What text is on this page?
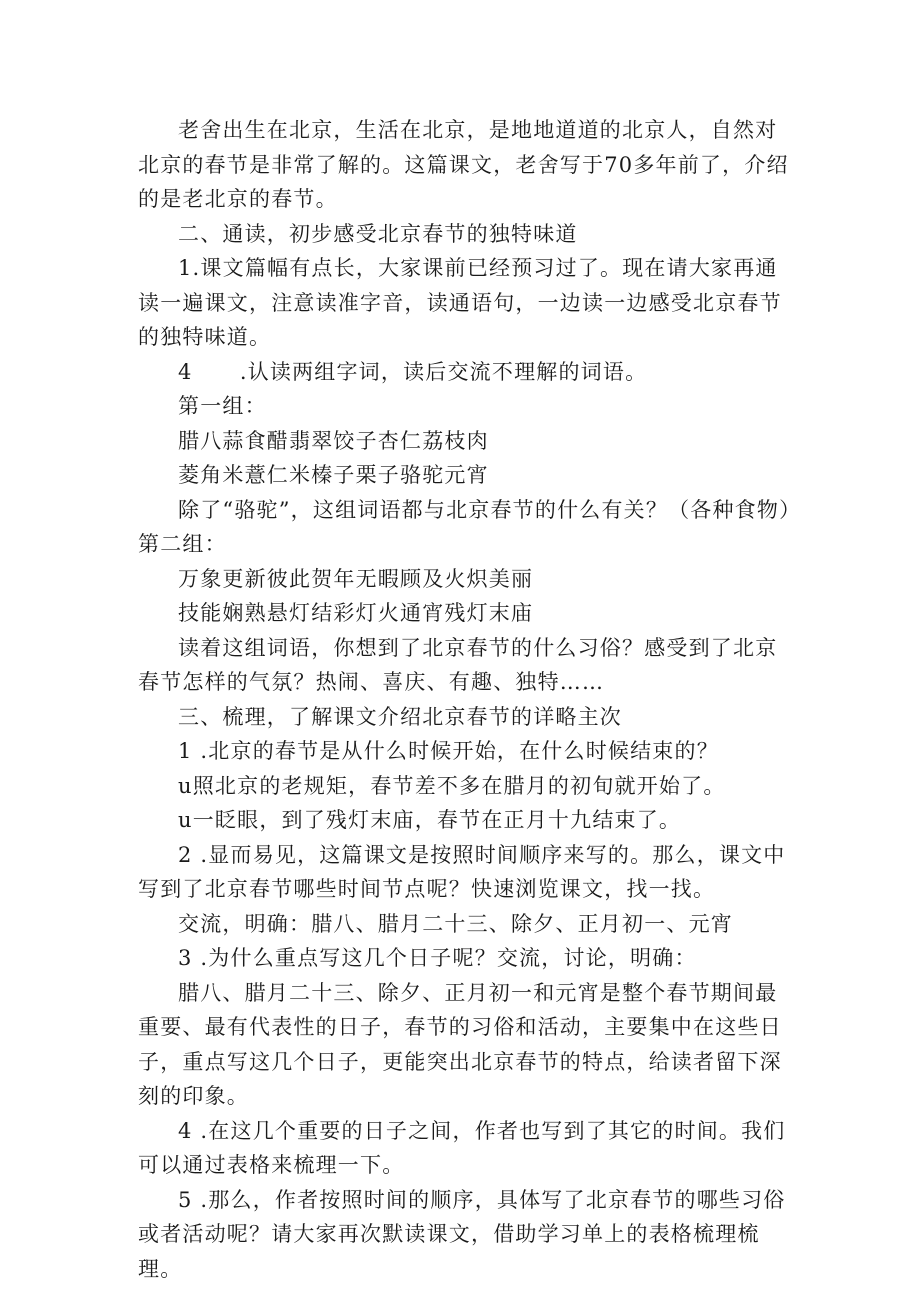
老舍出生在北京，生活在北京，是地地道道的北京人，自然对北京的春节是非常了解的。这篇课文，老舍写于70多年前了，介绍的是老北京的春节。

二、通读，初步感受北京春节的独特味道

1.课文篇幅有点长，大家课前已经预习过了。现在请大家再通读一遍课文，注意读准字音，读通语句，一边读一边感受北京春节的独特味道。

4      .认读两组字词，读后交流不理解的词语。

第一组：

腊八蒜食醋翡翠饺子杏仁荔枝肉

菱角米薏仁米榛子栗子骆驼元宵

除了“骆驼”，这组词语都与北京春节的什么有关？（各种食物）第二组：

万象更新彼此贺年无暇顾及火炽美丽

技能娴熟悬灯结彩灯火通宵残灯末庙

读着这组词语，你想到了北京春节的什么习俗？感受到了北京春节怎样的气氛？热闹、喜庆、有趣、独特……

三、梳理，了解课文介绍北京春节的详略主次

1 .北京的春节是从什么时候开始，在什么时候结束的？

u照北京的老规矩，春节差不多在腊月的初旬就开始了。

u一眨眼，到了残灯末庙，春节在正月十九结束了。

2 .显而易见，这篇课文是按照时间顺序来写的。那么，课文中写到了北京春节哪些时间节点呢？快速浏览课文，找一找。

交流，明确：腊八、腊月二十三、除夕、正月初一、元宵

3 .为什么重点写这几个日子呢？交流，讨论，明确：

腊八、腊月二十三、除夕、正月初一和元宵是整个春节期间最重要、最有代表性的日子，春节的习俗和活动，主要集中在这些日子，重点写这几个日子，更能突出北京春节的特点，给读者留下深刻的印象。

4 .在这几个重要的日子之间，作者也写到了其它的时间。我们可以通过表格来梳理一下。

5 .那么，作者按照时间的顺序，具体写了北京春节的哪些习俗或者活动呢？请大家再次默读课文，借助学习单上的表格梳理梳理。
